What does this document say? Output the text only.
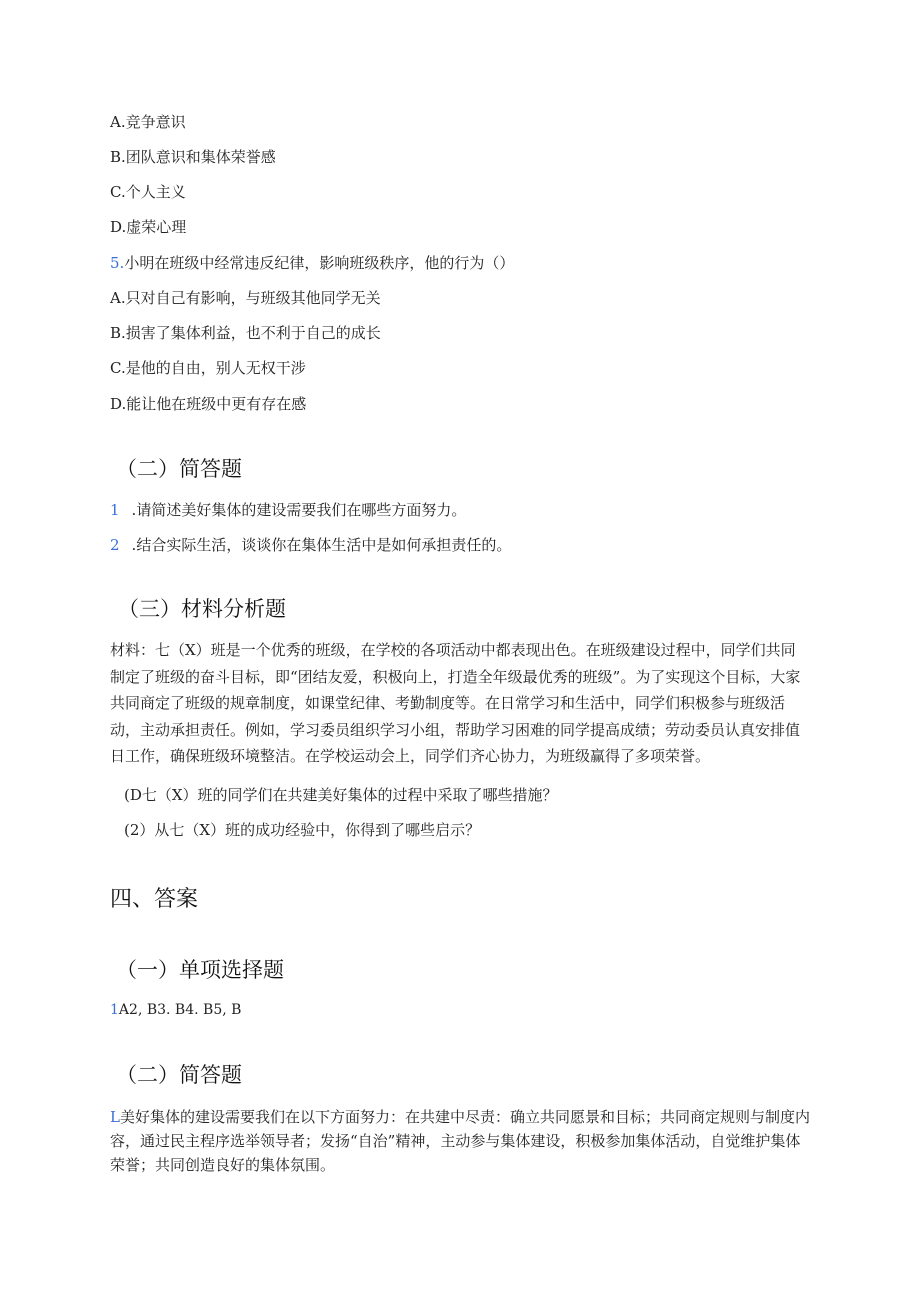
A.竞争意识
B.团队意识和集体荣誉感
C.个人主义
D.虚荣心理
5.小明在班级中经常违反纪律，影响班级秩序，他的行为（）
A.只对自己有影响，与班级其他同学无关
B.损害了集体利益，也不利于自己的成长
C.是他的自由，别人无权干涉
D.能让他在班级中更有存在感
（二）简答题
1 .请简述美好集体的建设需要我们在哪些方面努力。
2 .结合实际生活，谈谈你在集体生活中是如何承担责任的。
（三）材料分析题
材料：七（X）班是一个优秀的班级，在学校的各项活动中都表现出色。在班级建设过程中，同学们共同制定了班级的奋斗目标，即“团结友爱，积极向上，打造全年级最优秀的班级”。为了实现这个目标，大家共同商定了班级的规章制度，如课堂纪律、考勤制度等。在日常学习和生活中，同学们积极参与班级活动，主动承担责任。例如，学习委员组织学习小组，帮助学习困难的同学提高成绩；劳动委员认真安排值日工作，确保班级环境整洁。在学校运动会上，同学们齐心协力，为班级赢得了多项荣誉。
(D七（X）班的同学们在共建美好集体的过程中采取了哪些措施？
(2）从七（X）班的成功经验中，你得到了哪些启示？
四、答案
（一）单项选择题
1A2, B3. B4. B5, B
（二）简答题
L美好集体的建设需要我们在以下方面努力：在共建中尽责：确立共同愿景和目标；共同商定规则与制度内容，通过民主程序选举领导者；发扬“自治”精神，主动参与集体建设，积极参加集体活动，自觉维护集体荣誉；共同创造良好的集体氛围。
